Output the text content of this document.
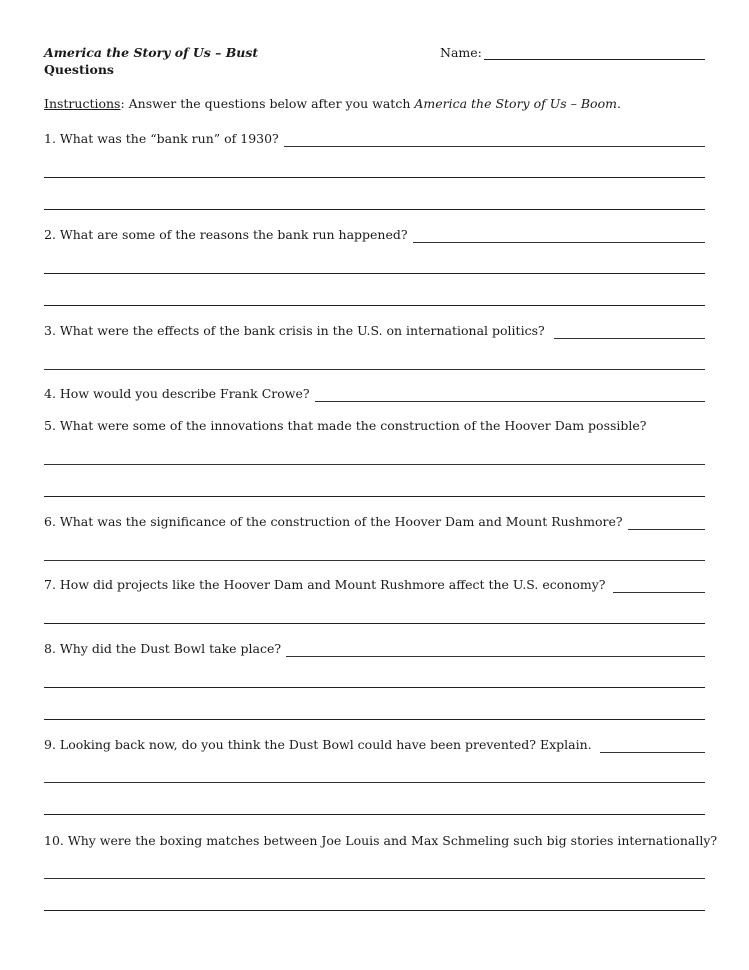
America the Story of Us – Bust
Questions
Name:
Instructions: Answer the questions below after you watch America the Story of Us – Boom.
1. What was the “bank run” of 1930?
2. What are some of the reasons the bank run happened?
3. What were the effects of the bank crisis in the U.S. on international politics?
4. How would you describe Frank Crowe?
5. What were some of the innovations that made the construction of the Hoover Dam possible?
6. What was the significance of the construction of the Hoover Dam and Mount Rushmore?
7. How did projects like the Hoover Dam and Mount Rushmore affect the U.S. economy?
8. Why did the Dust Bowl take place?
9. Looking back now, do you think the Dust Bowl could have been prevented? Explain.
10. Why were the boxing matches between Joe Louis and Max Schmeling such big stories internationally?
